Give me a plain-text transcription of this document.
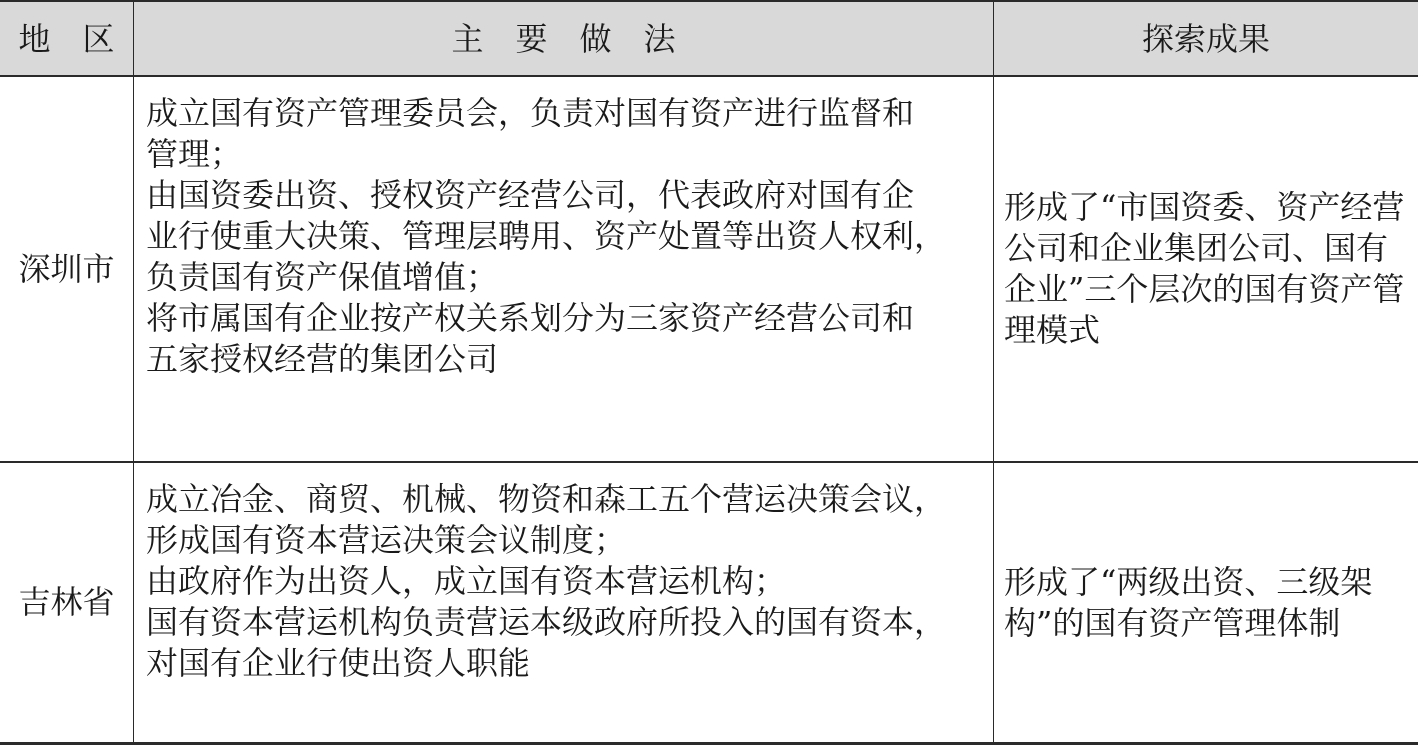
地　区	主　要　做　法	探索成果
深圳市
成立国有资产管理委员会，负责对国有资产进行监督和
管理；
由国资委出资、授权资产经营公司，代表政府对国有企
业行使重大决策、管理层聘用、资产处置等出资人权利，
负责国有资产保值增值；
将市属国有企业按产权关系划分为三家资产经营公司和
五家授权经营的集团公司
形成了“市国资委、资产经营公司和企业集团公司、国有企业”三个层次的国有资产管理模式
吉林省
成立冶金、商贸、机械、物资和森工五个营运决策会议，
形成国有资本营运决策会议制度；
由政府作为出资人，成立国有资本营运机构；
国有资本营运机构负责营运本级政府所投入的国有资本，
对国有企业行使出资人职能
形成了“两级出资、三级架构”的国有资产管理体制
